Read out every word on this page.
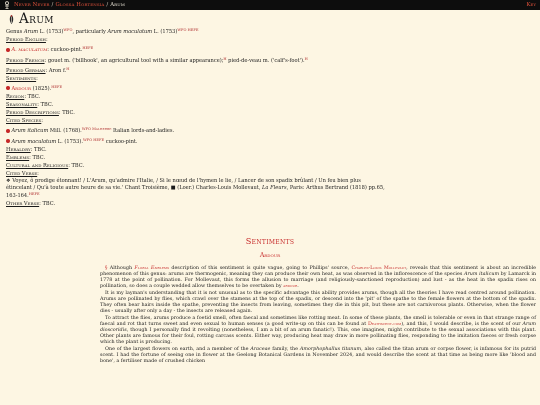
Never Never / Glossa Hortensia / Arum	Key
Arum
Genus Arum L. $(1753)^{WFO}$, particularly Arum maculatum L. $(1753)^{WFO HEFE}$
Period English:
A. maculatum: cuckoo-pint.$^{HEFE}$
Period French: gouet m. ('billhook', an agricultural tool with a similar appearance);$^H$ pied-de-veau m. ('calf's-foot').$^H$
Period German: Aron f.$^H$
Sentiments:
Ardour (1825).$^{HEFE}$
Region: TBC.
Seasonality: TBC.
Period Descriptions: TBC.
Cited Species:
Arum italicum Mill. (1768).$^{WFO Malherbe}$ Italian lords-and-ladies.
Arum maculatum L. (1753).$^{WFO HEFE}$ cuckoo-pint.
Heraldry: TBC.
Emblems: TBC.
Cultural and Religious: TBC.
Cited Verse:
❖ Voyez, ô prodige étonnant! / L'Arum, qu'admire l'Italie, / Si le nœud de l'hymen le lie, / Lancer de son spadix brûlant / Un feu bien plus
étincelant / Qu'à toute autre heure de sa vie.' Chant Troisième, ■ (Loer.) Charles-Louis Mollevaut, La Fleurs, Paris: Arthus Bertrand (1818) pp.65,
163-164.$^{HEFE}$
Other Verse: TBC.
Sentiments
Ardour

§ Although Floral Emblems description of this sentiment is quite vague, going to Phillips' source, Charles-Louis Mollevaut, reveals that this sentiment is about an incredible phenomenon of this genus: arums are thermogenic, meaning they can produce their own heat, as was observed in the inflorescence of the species Arum italicum by Lamarck in 1778 at the point of pollination. For Mollevaut, this forms the allusion to marriage (and religiously-sanctioned reproduction) and lust - as the heat in the spadix rises on pollination, so does a couple wedded allow themselves to be overtaken by ardour.

It is my layman's understanding that it is not unusual as to the specific advantage this ability provides arums, though all the theories I have read centred around pollination. Arums are pollinated by flies, which crawl over the stamens at the top of the spadix, or descend into the 'pit' of the spathe to the female flowers at the bottom of the spadix. They often bear hairs inside the spathe, preventing the insects from leaving, sometimes they die in this pit, but these are not carnivorous plants. Otherwise, when the flower dies - usually after only a day - the insects are released again.

To attract the flies, arums produce a foetid smell, often faecal and sometimes like rotting meat. In some of these plants, the smell is tolerable or even in that strange range of faecal and rot that turns sweet and even sexual to human senses (a good write-up on this can be found at Deathscent.com), and this, I would describe, is the scent of our Arum dioscoridis, though I personally find it revolting (nonetheless, I am a bit of an arum fanatic!). This, one imagines, might contribute to the sexual associations with this plant. Other plants are famous for their foul, rotting carcass scents. Either way, producing heat may draw in more pollinating flies, responding to the imitation faeces or fresh corpse which the plant is producing.

One of the largest flowers on earth, and a member of the Araceae family, the Amorphophallus titanum, also called the titan arum or corpse flower, is infamous for its putrid scent. I had the fortune of seeing one in flower at the Geelong Botanical Gardens in November 2024, and would describe the scent at that time as being more like 'blood and bone', a fertiliser made of crushed chicken
